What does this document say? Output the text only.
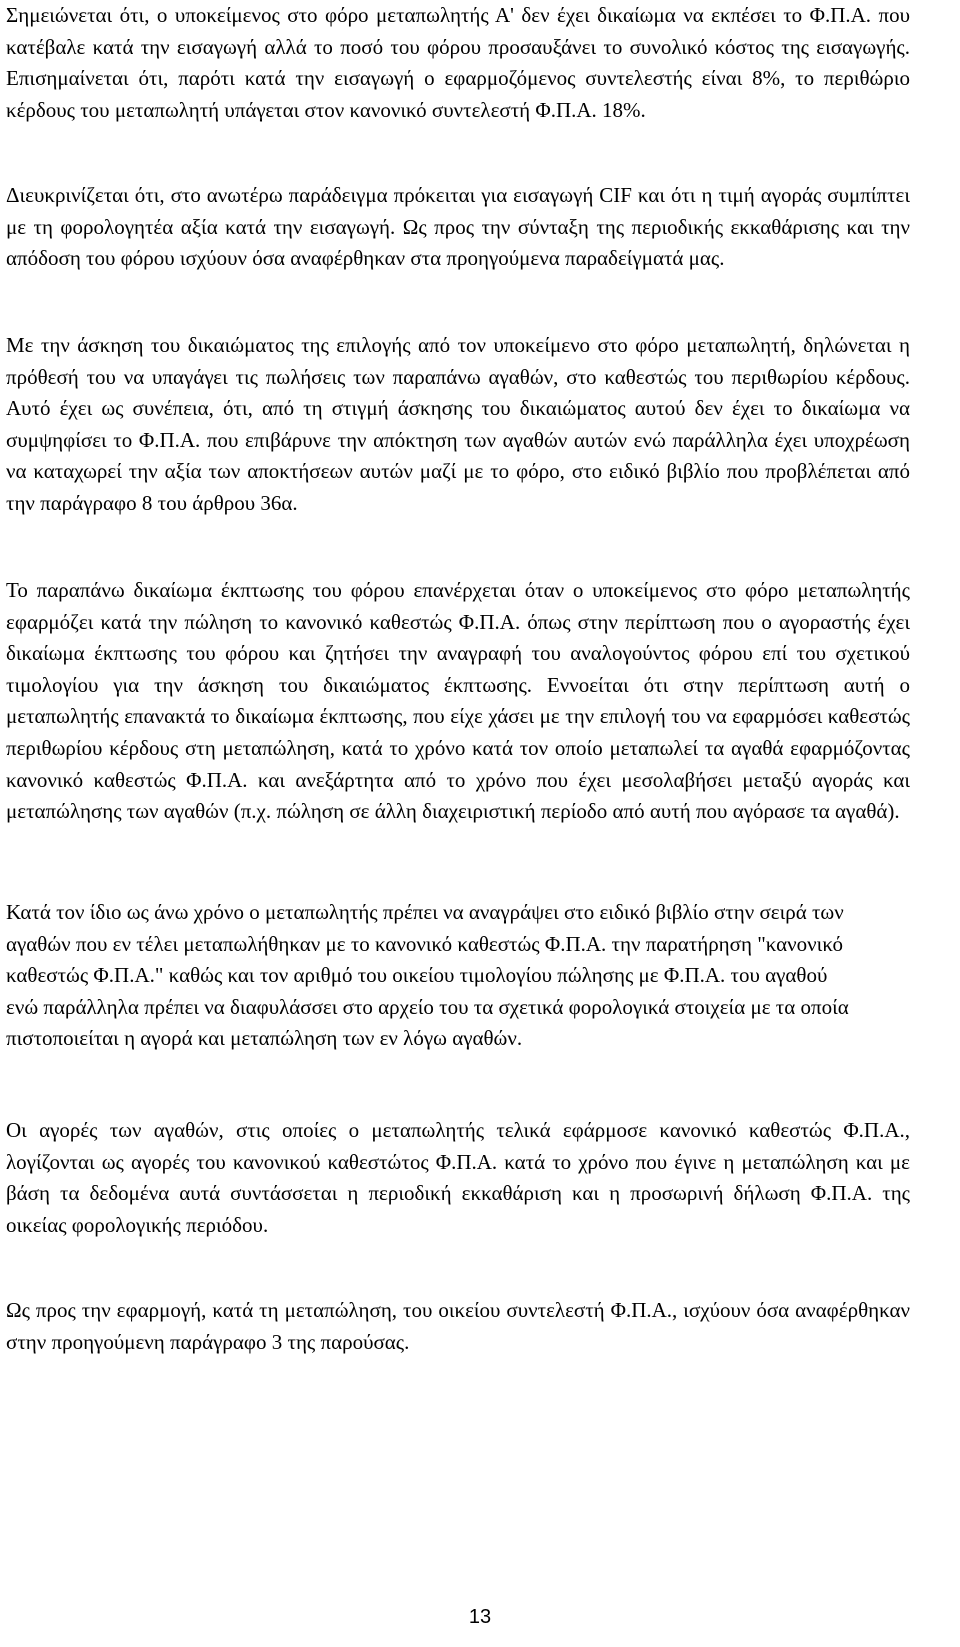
Σημειώνεται ότι, ο υποκείμενος στο φόρο μεταπωλητής Α' δεν έχει δικαίωμα να εκπέσει το Φ.Π.Α. που κατέβαλε κατά την εισαγωγή αλλά το ποσό του φόρου προσαυξάνει το συνολικό κόστος της εισαγωγής. Επισημαίνεται ότι, παρότι κατά την εισαγωγή ο εφαρμοζόμενος συντελεστής είναι 8%, το περιθώριο κέρδους του μεταπωλητή υπάγεται στον κανονικό συντελεστή Φ.Π.Α. 18%.

Διευκρινίζεται ότι, στο ανωτέρω παράδειγμα πρόκειται για εισαγωγή CIF και ότι η τιμή αγοράς συμπίπτει με τη φορολογητέα αξία κατά την εισαγωγή. Ως προς την σύνταξη της περιοδικής εκκαθάρισης και την απόδοση του φόρου ισχύουν όσα αναφέρθηκαν στα προηγούμενα παραδείγματά μας.

Με την άσκηση του δικαιώματος της επιλογής από τον υποκείμενο στο φόρο μεταπωλητή, δηλώνεται η πρόθεσή του να υπαγάγει τις πωλήσεις των παραπάνω αγαθών, στο καθεστώς του περιθωρίου κέρδους. Αυτό έχει ως συνέπεια, ότι, από τη στιγμή άσκησης του δικαιώματος αυτού δεν έχει το δικαίωμα να συμψηφίσει το Φ.Π.Α. που επιβάρυνε την απόκτηση των αγαθών αυτών ενώ παράλληλα έχει υποχρέωση να καταχωρεί την αξία των αποκτήσεων αυτών μαζί με το φόρο, στο ειδικό βιβλίο που προβλέπεται από την παράγραφο 8 του άρθρου 36α.

Το παραπάνω δικαίωμα έκπτωσης του φόρου επανέρχεται όταν ο υποκείμενος στο φόρο μεταπωλητής εφαρμόζει κατά την πώληση το κανονικό καθεστώς Φ.Π.Α. όπως στην περίπτωση που ο αγοραστής έχει δικαίωμα έκπτωσης του φόρου και ζητήσει την αναγραφή του αναλογούντος φόρου επί του σχετικού τιμολογίου για την άσκηση του δικαιώματος έκπτωσης. Εννοείται ότι στην περίπτωση αυτή ο μεταπωλητής επανακτά το δικαίωμα έκπτωσης, που είχε χάσει με την επιλογή του να εφαρμόσει καθεστώς περιθωρίου κέρδους στη μεταπώληση, κατά το χρόνο κατά τον οποίο μεταπωλεί τα αγαθά εφαρμόζοντας κανονικό καθεστώς Φ.Π.Α. και ανεξάρτητα από το χρόνο που έχει μεσολαβήσει μεταξύ αγοράς και μεταπώλησης των αγαθών (π.χ. πώληση σε άλλη διαχειριστική περίοδο από αυτή που αγόρασε τα αγαθά).

Κατά τον ίδιο ως άνω χρόνο ο μεταπωλητής πρέπει να αναγράψει στο ειδικό βιβλίο στην σειρά των αγαθών που εν τέλει μεταπωλήθηκαν με το κανονικό καθεστώς Φ.Π.Α. την παρατήρηση "κανονικό καθεστώς Φ.Π.Α." καθώς και τον αριθμό του οικείου τιμολογίου πώλησης με Φ.Π.Α. του αγαθού ενώ παράλληλα πρέπει να διαφυλάσσει στο αρχείο του τα σχετικά φορολογικά στοιχεία με τα οποία πιστοποιείται η αγορά και μεταπώληση των εν λόγω αγαθών.

Οι αγορές των αγαθών, στις οποίες ο μεταπωλητής τελικά εφάρμοσε κανονικό καθεστώς Φ.Π.Α., λογίζονται ως αγορές του κανονικού καθεστώτος Φ.Π.Α. κατά το χρόνο που έγινε η μεταπώληση και με βάση τα δεδομένα αυτά συντάσσεται η περιοδική εκκαθάριση και η προσωρινή δήλωση Φ.Π.Α. της οικείας φορολογικής περιόδου.

Ως προς την εφαρμογή, κατά τη μεταπώληση, του οικείου συντελεστή Φ.Π.Α., ισχύουν όσα αναφέρθηκαν στην προηγούμενη παράγραφο 3 της παρούσας.

13
